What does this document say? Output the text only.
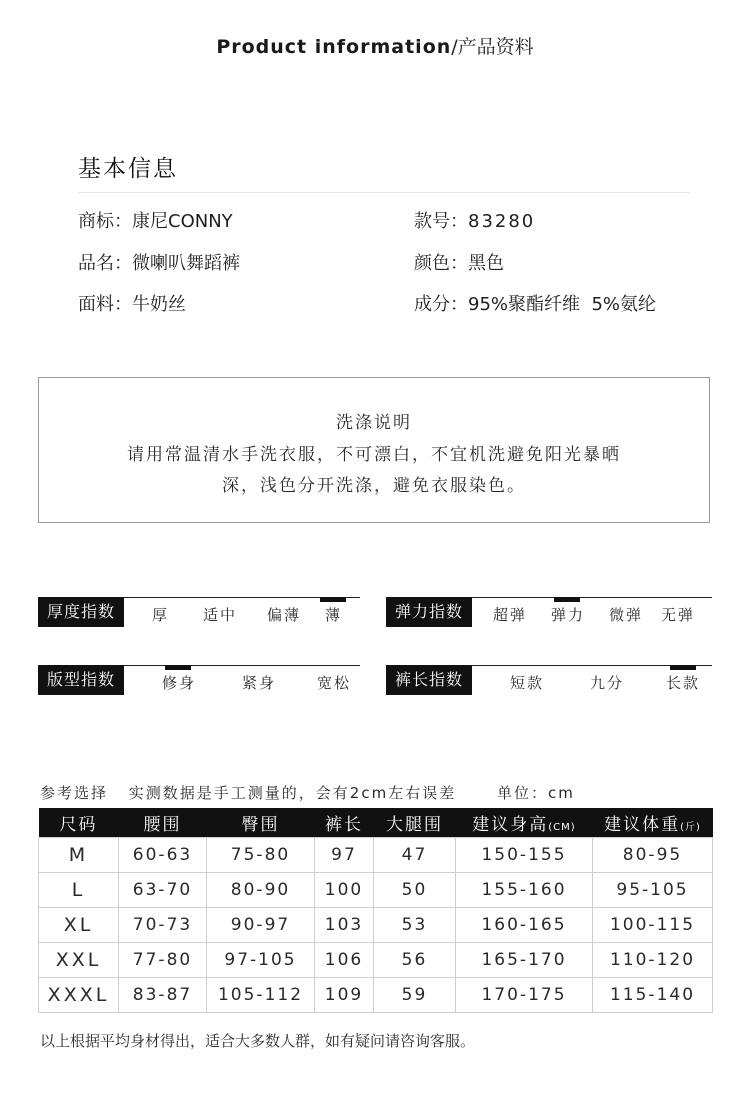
Product information/产品资料
基本信息
商标：康尼CONNY	款号：83280
品名：微喇叭舞蹈裤	颜色：黑色
面料：牛奶丝	成分：95%聚酯纤维  5%氨纶
洗涤说明
请用常温清水手洗衣服，不可漂白，不宜机洗避免阳光暴晒
深，浅色分开洗涤，避免衣服染色。
厚度指数	厚 适中 偏薄 薄	弹力指数	超弹 弹力 微弹 无弹
版型指数	修身	紧身	宽松	裤长指数	短款	九分	长款
参考选择 实测数据是手工测量的，会有2cm左右误差	单位：cm
尺码	腰围	臀围	裤长	大腿围	建议身高(CM)	建议体重(斤)
M	60-63	75-80	97	47	150-155	80-95
L	63-70	80-90	100	50	155-160	95-105
XL	70-73	90-97	103	53	160-165	100-115
XXL	77-80	97-105	106	56	165-170	110-120
XXXL	83-87	105-112	109	59	170-175	115-140
以上根据平均身材得出，适合大多数人群，如有疑问请咨询客服。
